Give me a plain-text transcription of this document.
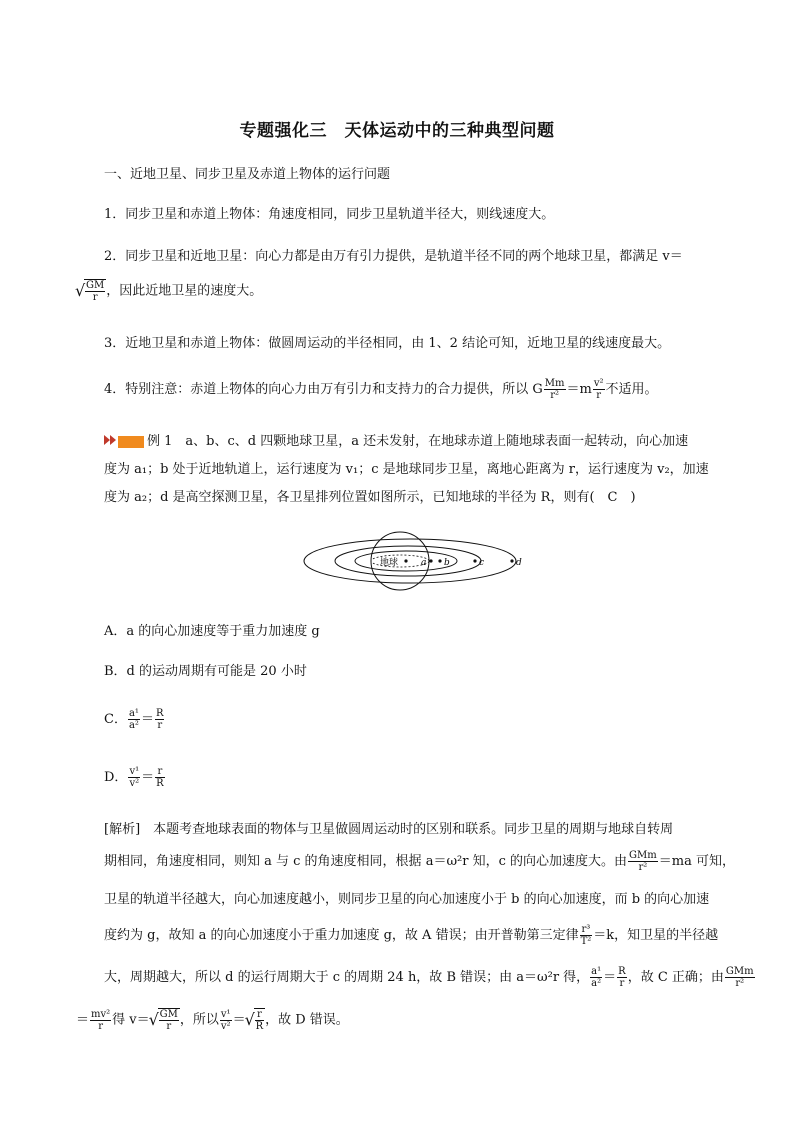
专题强化三　天体运动中的三种典型问题
一、近地卫星、同步卫星及赤道上物体的运行问题
1．同步卫星和赤道上物体：角速度相同，同步卫星轨道半径大，则线速度大。
2．同步卫星和近地卫星：向心力都是由万有引力提供，是轨道半径不同的两个地球卫星，都满足 v＝
√ $\frac{GM}{r}$ ，因此近地卫星的速度大。
3．近地卫星和赤道上物体：做圆周运动的半径相同，由 1、2 结论可知，近地卫星的线速度最大。
4．特别注意：赤道上物体的向心力由万有引力和支持力的合力提供，所以 G $\frac{Mm}{\text{r²}} =m \frac{\text{v²}}{r}$ 不适用。
例 1　a、b、c、d 四颗地球卫星，a 还未发射，在地球赤道上随地球表面一起转动，向心加速
度为 a₁；b 处于近地轨道上，运行速度为 v₁；c 是地球同步卫星，离地心距离为 r，运行速度为 v₂，加速
度为 a₂；d 是高空探测卫星，各卫星排列位置如图所示，已知地球的半径为 R，则有(　C　)
地球	a b	c	d
A．a 的向心加速度等于重力加速度 g
B．d 的运动周期有可能是 20 小时
C． $\frac{\text{a¹}}{\text{a²}} = \frac{R}{r}$
D． $\frac{\text{v¹}}{\text{v²}} = \frac{r}{R}$
[解析]　本题考查地球表面的物体与卫星做圆周运动时的区别和联系。同步卫星的周期与地球自转周
期相同，角速度相同，则知 a 与 c 的角速度相同，根据 a＝ω²r 知，c 的向心加速度大。由 $\frac{\text{GMm}}{\text{r²}} =ma$ 可知，
卫星的轨道半径越大，向心加速度越小，则同步卫星的向心加速度小于 b 的向心加速度，而 b 的向心加速
度约为 g，故知 a 的向心加速度小于重力加速度 g，故 A 错误；由开普勒第三定律 $\frac{\text{r³}}{\text{T²}} =k$，知卫星的半径越
大，周期越大，所以 d 的运行周期大于 c 的周期 24 h，故 B 错误；由 a＝ω²r 得， $\frac{\text{a¹}}{\text{a²}} = \frac{R}{r}$ ，故 C 正确；由 $\frac{\text{GMm}}{\text{r²}}$
＝ $\frac{\text{mv²}}{r}$ 得 v＝ √ $\frac{GM}{r}$ ，所以 $\frac{\text{v¹}}{\text{v²}}$ ＝ √ $\frac{r}{R}$ ，故 D 错误。
